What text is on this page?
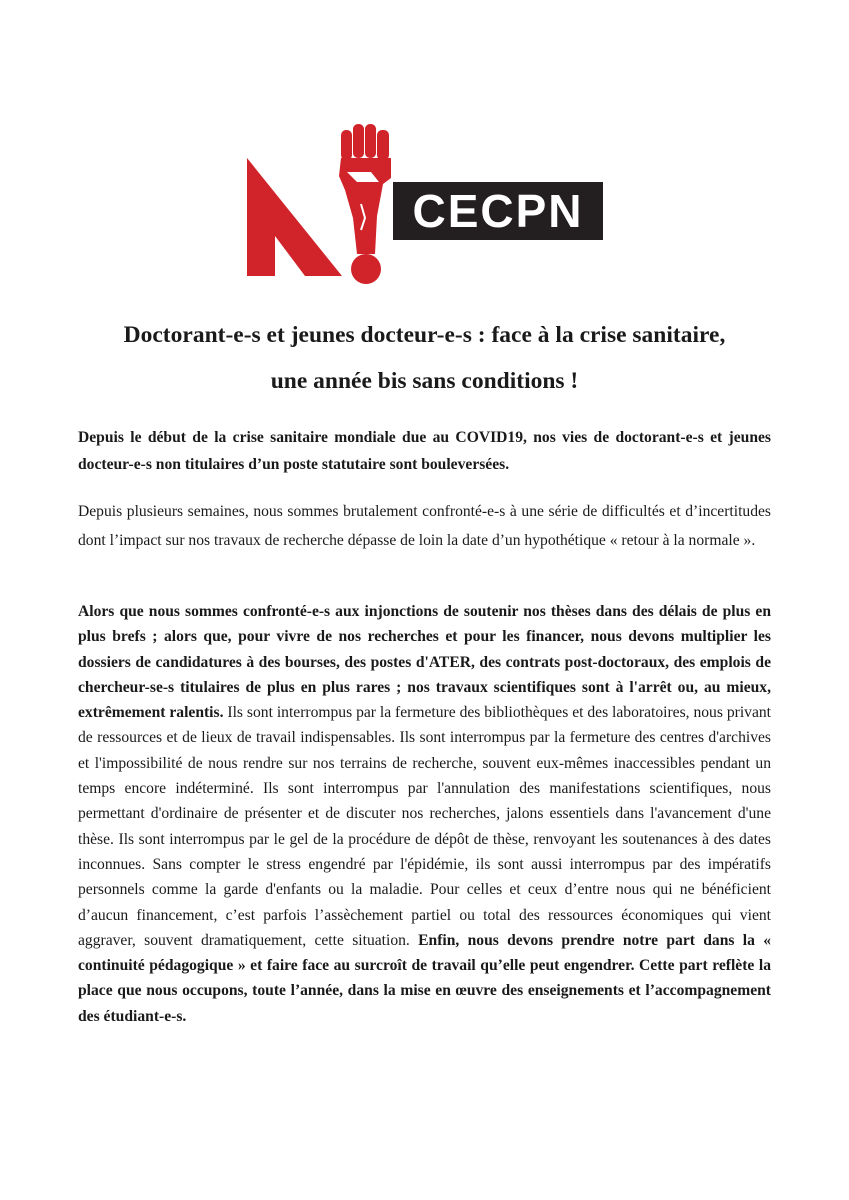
CECPN
Doctorant-e-s et jeunes docteur-e-s : face à la crise sanitaire,
une année bis sans conditions !

Depuis le début de la crise sanitaire mondiale due au COVID19, nos vies de doctorant-e-s et jeunes docteur-e-s non titulaires d’un poste statutaire sont bouleversées.

Depuis plusieurs semaines, nous sommes brutalement confronté-e-s à une série de difficultés et d’incertitudes dont l’impact sur nos travaux de recherche dépasse de loin la date d’un hypothétique « retour à la normale ».

Alors que nous sommes confronté-e-s aux injonctions de soutenir nos thèses dans des délais de plus en plus brefs ; alors que, pour vivre de nos recherches et pour les financer, nous devons multiplier les dossiers de candidatures à des bourses, des postes d'ATER, des contrats post-doctoraux, des emplois de chercheur-se-s titulaires de plus en plus rares ; nos travaux scientifiques sont à l'arrêt ou, au mieux, extrêmement ralentis. Ils sont interrompus par la fermeture des bibliothèques et des laboratoires, nous privant de ressources et de lieux de travail indispensables. Ils sont interrompus par la fermeture des centres d'archives et l'impossibilité de nous rendre sur nos terrains de recherche, souvent eux-mêmes inaccessibles pendant un temps encore indéterminé. Ils sont interrompus par l'annulation des manifestations scientifiques, nous permettant d'ordinaire de présenter et de discuter nos recherches, jalons essentiels dans l'avancement d'une thèse. Ils sont interrompus par le gel de la procédure de dépôt de thèse, renvoyant les soutenances à des dates inconnues. Sans compter le stress engendré par l'épidémie, ils sont aussi interrompus par des impératifs personnels comme la garde d'enfants ou la maladie. Pour celles et ceux d’entre nous qui ne bénéficient d’aucun financement, c’est parfois l’assèchement partiel ou total des ressources économiques qui vient aggraver, souvent dramatiquement, cette situation. Enfin, nous devons prendre notre part dans la « continuité pédagogique » et faire face au surcroît de travail qu’elle peut engendrer. Cette part reflète la place que nous occupons, toute l’année, dans la mise en œuvre des enseignements et l’accompagnement des étudiant-e-s.
